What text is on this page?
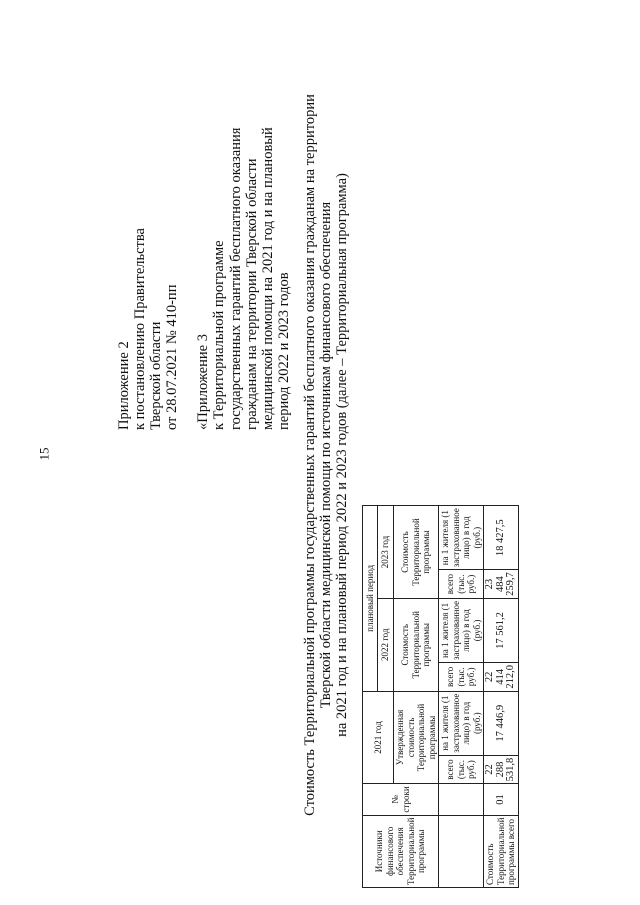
15
Приложение 2 к постановлению Правительства Тверской области от 28.07.2021 № 410-пп «Приложение 3 к Территориальной программе государственных гарантий бесплатного оказания гражданам на территории Тверской области медицинской помощи на 2021 год и на плановый период 2022 и 2023 годов Стоимость Территориальной программы государственных гарантий бесплатного оказания гражданам на территории Тверской области медицинской помощи по источникам финансового обеспечения на 2021 год и на плановый период 2022 и 2023 годов (далее – Территориальная программа)
Источники финансового обеспечения Территориальной программы	№ строки	2021 год		плановый период			
				2022 год		2023 год	
		Утвержденная стоимость Территориальной программы		Стоимость Территориальной программы		Стоимость Территориальной программы	
		всего (тыс. руб.)	на 1 жителя (1 застрахованное лицо) в год (руб.)	всего (тыс. руб.)	на 1 жителя (1 застрахованное лицо) в год (руб.)	всего (тыс. руб.)	на 1 жителя (1 застрахованное лицо) в год (руб.)
Стоимость Территориальной программы всего	01	22 288 531,8	17 446,9	22 414 212,0	17 561,2	23 484 259,7	18 427,5
